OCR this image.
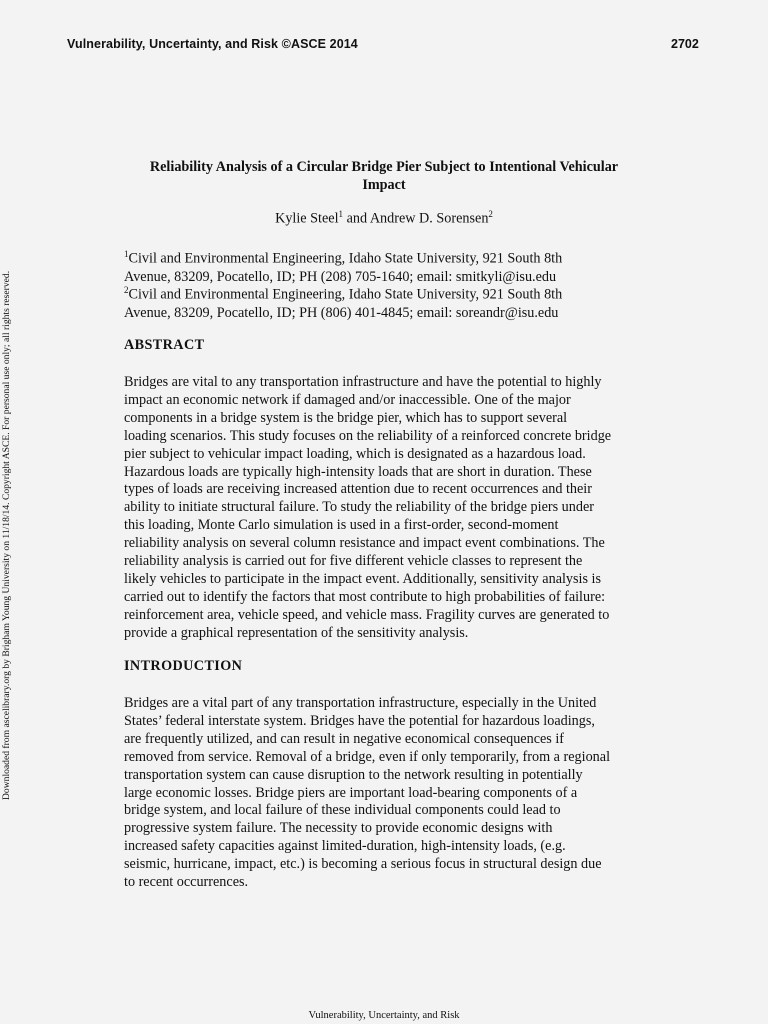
Vulnerability, Uncertainty, and Risk ©ASCE 2014	2702
Downloaded from ascelibrary.org by Brigham Young University on 11/18/14. Copyright ASCE. For personal use only; all rights reserved.
Reliability Analysis of a Circular Bridge Pier Subject to Intentional Vehicular
Impact
Kylie Steel$^1$ and Andrew D. Sorensen$^2$
$^1$Civil and Environmental Engineering, Idaho State University, 921 South 8th
Avenue, 83209, Pocatello, ID; PH (208) 705-1640; email: smitkyli@isu.edu
$^2$Civil and Environmental Engineering, Idaho State University, 921 South 8th
Avenue, 83209, Pocatello, ID; PH (806) 401-4845; email: soreandr@isu.edu
ABSTRACT
Bridges are vital to any transportation infrastructure and have the potential to highly
impact an economic network if damaged and/or inaccessible. One of the major
components in a bridge system is the bridge pier, which has to support several
loading scenarios. This study focuses on the reliability of a reinforced concrete bridge
pier subject to vehicular impact loading, which is designated as a hazardous load.
Hazardous loads are typically high-intensity loads that are short in duration. These
types of loads are receiving increased attention due to recent occurrences and their
ability to initiate structural failure. To study the reliability of the bridge piers under
this loading, Monte Carlo simulation is used in a first-order, second-moment
reliability analysis on several column resistance and impact event combinations. The
reliability analysis is carried out for five different vehicle classes to represent the
likely vehicles to participate in the impact event. Additionally, sensitivity analysis is
carried out to identify the factors that most contribute to high probabilities of failure:
reinforcement area, vehicle speed, and vehicle mass. Fragility curves are generated to
provide a graphical representation of the sensitivity analysis.
INTRODUCTION
Bridges are a vital part of any transportation infrastructure, especially in the United
States’ federal interstate system. Bridges have the potential for hazardous loadings,
are frequently utilized, and can result in negative economical consequences if
removed from service. Removal of a bridge, even if only temporarily, from a regional
transportation system can cause disruption to the network resulting in potentially
large economic losses. Bridge piers are important load-bearing components of a
bridge system, and local failure of these individual components could lead to
progressive system failure. The necessity to provide economic designs with
increased safety capacities against limited-duration, high-intensity loads, (e.g.
seismic, hurricane, impact, etc.) is becoming a serious focus in structural design due
to recent occurrences.
Vulnerability, Uncertainty, and Risk
